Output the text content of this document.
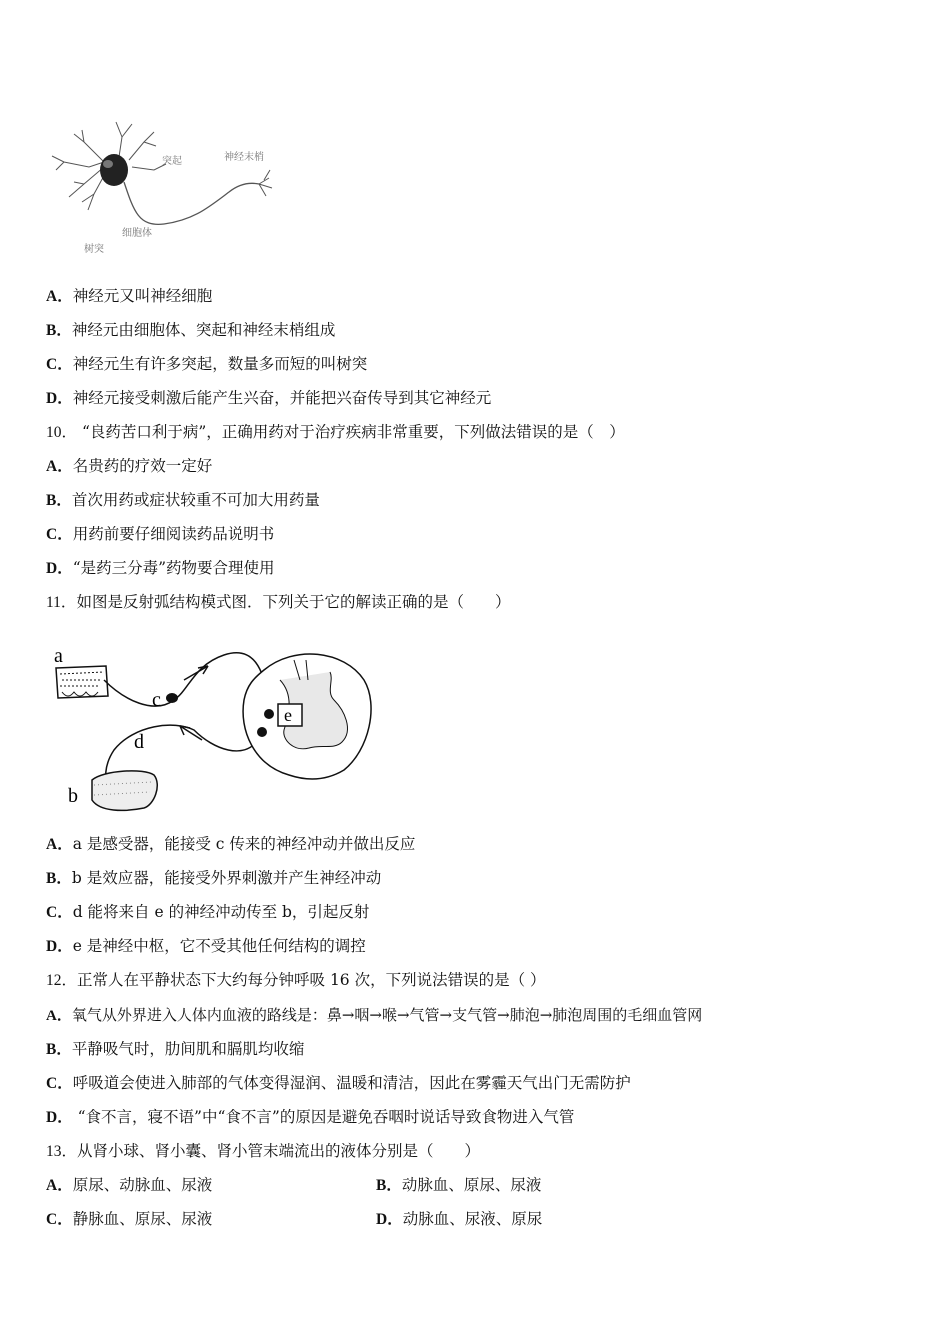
突起	神经末梢
细胞体
树突
A．神经元又叫神经细胞
B．神经元由细胞体、突起和神经末梢组成
C．神经元生有许多突起，数量多而短的叫树突
D．神经元接受刺激后能产生兴奋，并能把兴奋传导到其它神经元
10． “良药苦口利于病”，正确用药对于治疗疾病非常重要，下列做法错误的是（　）
A．名贵药的疗效一定好
B．首次用药或症状较重不可加大用药量
C．用药前要仔细阅读药品说明书
D．“是药三分毒”药物要合理使用
11．如图是反射弧结构模式图．下列关于它的解读正确的是（　　）
a
c
d
b
e
A．a 是感受器，能接受 c 传来的神经冲动并做出反应
B．b 是效应器，能接受外界刺激并产生神经冲动
C．d 能将来自 e 的神经冲动传至 b，引起反射
D．e 是神经中枢，它不受其他任何结构的调控
12．正常人在平静状态下大约每分钟呼吸 16 次，下列说法错误的是（ ）
A．氧气从外界进入人体内血液的路线是：鼻→咽→喉→气管→支气管→肺泡→肺泡周围的毛细血管网
B．平静吸气时，肋间肌和膈肌均收缩
C．呼吸道会使进入肺部的气体变得湿润、温暖和清洁，因此在雾霾天气出门无需防护
D． “食不言，寝不语”中“食不言”的原因是避免吞咽时说话导致食物进入气管
13．从肾小球、肾小囊、肾小管末端流出的液体分别是（　　）
A．原尿、动脉血、尿液	B．动脉血、原尿、尿液
C．静脉血、原尿、尿液	D．动脉血、尿液、原尿
